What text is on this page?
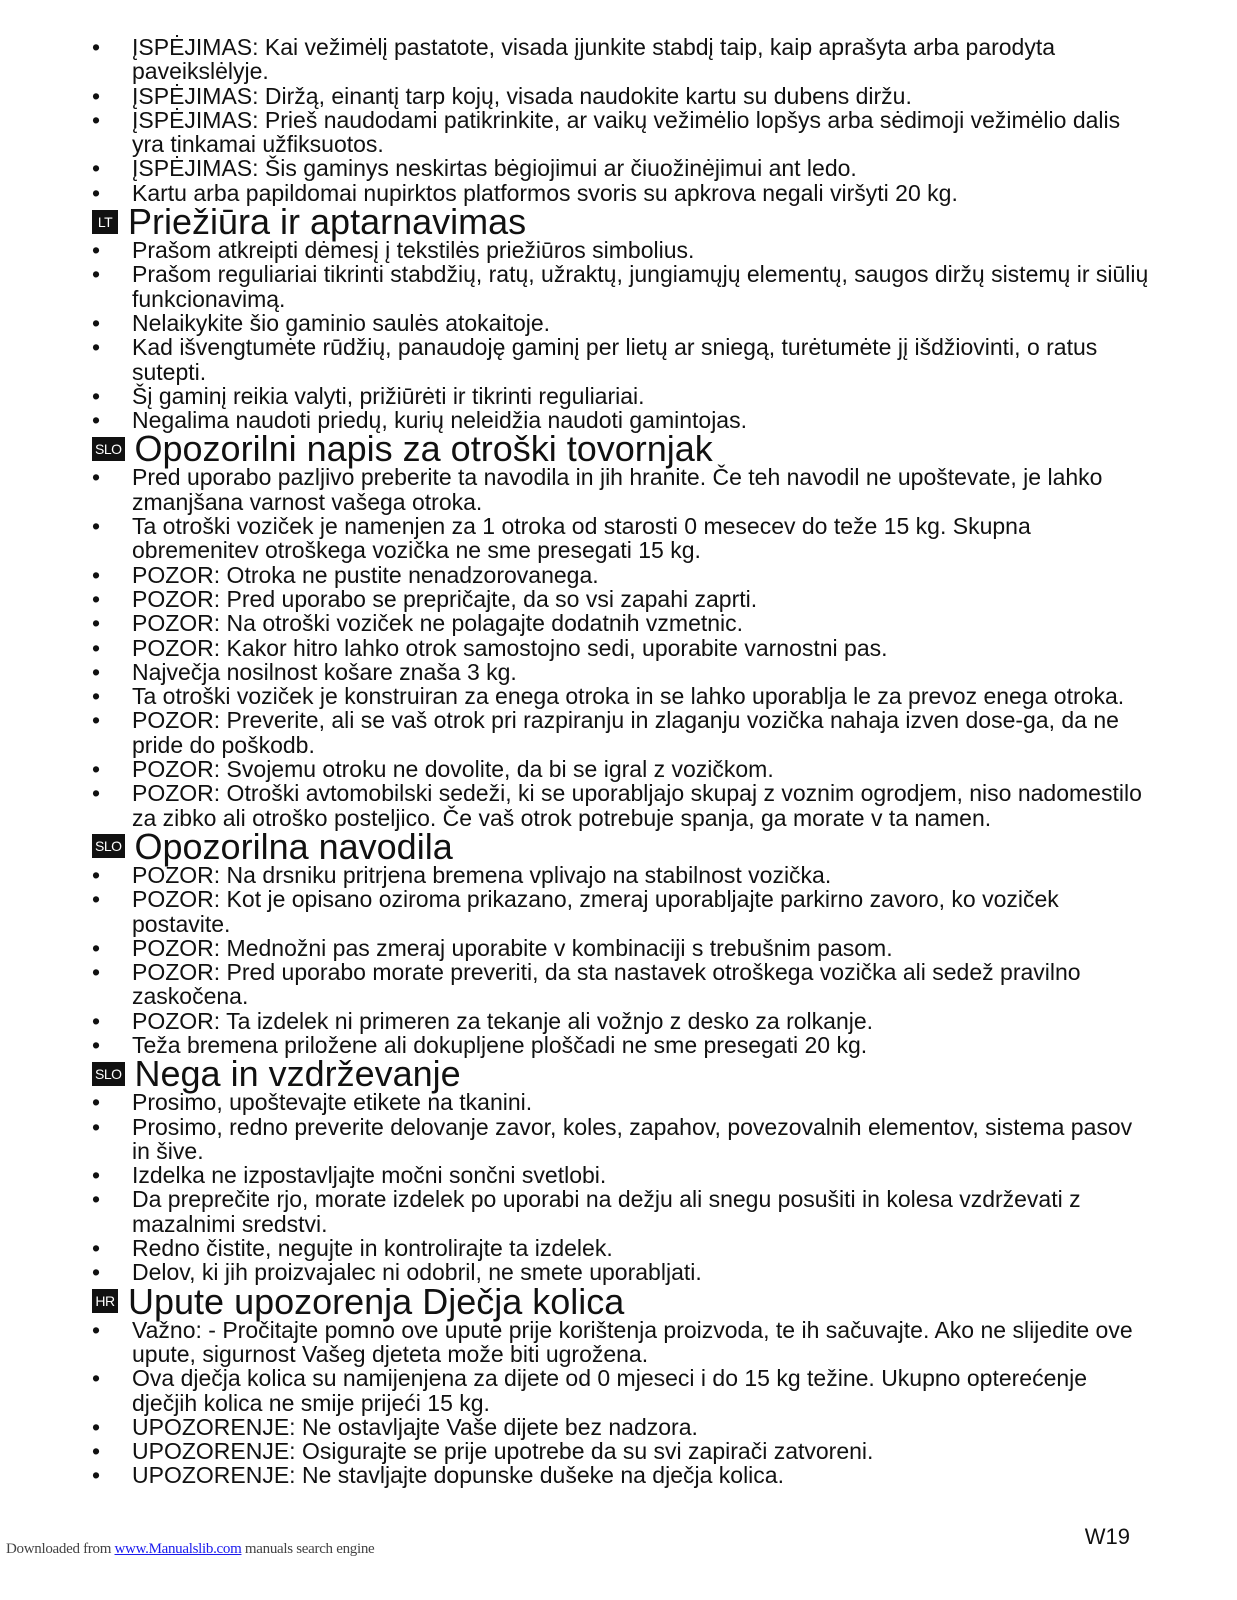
• ĮSPĖJIMAS: Kai vežimėlį pastatote, visada įjunkite stabdį taip, kaip aprašyta arba parodyta paveikslėlyje.
• ĮSPĖJIMAS: Diržą, einantį tarp kojų, visada naudokite kartu su dubens diržu.
• ĮSPĖJIMAS: Prieš naudodami patikrinkite, ar vaikų vežimėlio lopšys arba sėdimoji vežimėlio dalis yra tinkamai užfiksuotos.
• ĮSPĖJIMAS: Šis gaminys neskirtas bėgiojimui ar čiuožinėjimui ant ledo.
• Kartu arba papildomai nupirktos platformos svoris su apkrova negali viršyti 20 kg.
LT Priežiūra ir aptarnavimas
• Prašom atkreipti dėmesį į tekstilės priežiūros simbolius.
• Prašom reguliariai tikrinti stabdžių, ratų, užraktų, jungiamųjų elementų, saugos diržų sistemų ir siūlių funkcionavimą.
• Nelaikykite šio gaminio saulės atokaitoje.
• Kad išvengtumėte rūdžių, panaudoję gaminį per lietų ar sniegą, turėtumėte jį išdžiovinti, o ratus sutepti.
• Šį gaminį reikia valyti, prižiūrėti ir tikrinti reguliariai.
• Negalima naudoti priedų, kurių neleidžia naudoti gamintojas.
SLO Opozorilni napis za otroški tovornjak
• Pred uporabo pazljivo preberite ta navodila in jih hranite. Če teh navodil ne upoštevate, je lahko zmanjšana varnost vašega otroka.
• Ta otroški voziček je namenjen za 1 otroka od starosti 0 mesecev do teže 15 kg. Skupna obremenitev otroškega vozička ne sme presegati 15 kg.
• POZOR: Otroka ne pustite nenadzorovanega.
• POZOR: Pred uporabo se prepričajte, da so vsi zapahi zaprti.
• POZOR: Na otroški voziček ne polagajte dodatnih vzmetnic.
• POZOR: Kakor hitro lahko otrok samostojno sedi, uporabite varnostni pas.
• Največja nosilnost košare znaša 3 kg.
• Ta otroški voziček je konstruiran za enega otroka in se lahko uporablja le za prevoz enega otroka.
• POZOR: Preverite, ali se vaš otrok pri razpiranju in zlaganju vozička nahaja izven dose-ga, da ne pride do poškodb.
• POZOR: Svojemu otroku ne dovolite, da bi se igral z vozičkom.
• POZOR: Otroški avtomobilski sedeži, ki se uporabljajo skupaj z voznim ogrodjem, niso nadomestilo za zibko ali otroško posteljico. Če vaš otrok potrebuje spanja, ga morate v ta namen.
SLO Opozorilna navodila
• POZOR: Na drsniku pritrjena bremena vplivajo na stabilnost vozička.
• POZOR: Kot je opisano oziroma prikazano, zmeraj uporabljajte parkirno zavoro, ko voziček postavite.
• POZOR: Mednožni pas zmeraj uporabite v kombinaciji s trebušnim pasom.
• POZOR: Pred uporabo morate preveriti, da sta nastavek otroškega vozička ali sedež pravilno zaskočena.
• POZOR: Ta izdelek ni primeren za tekanje ali vožnjo z desko za rolkanje.
• Teža bremena priložene ali dokupljene ploščadi ne sme presegati 20 kg.
SLO Nega in vzdrževanje
• Prosimo, upoštevajte etikete na tkanini.
• Prosimo, redno preverite delovanje zavor, koles, zapahov, povezovalnih elementov, sistema pasov in šive.
• Izdelka ne izpostavljajte močni sončni svetlobi.
• Da preprečite rjo, morate izdelek po uporabi na dežju ali snegu posušiti in kolesa vzdrževati z mazalnimi sredstvi.
• Redno čistite, negujte in kontrolirajte ta izdelek.
• Delov, ki jih proizvajalec ni odobril, ne smete uporabljati.
HR Upute upozorenja Dječja kolica
• Važno: - Pročitajte pomno ove upute prije korištenja proizvoda, te ih sačuvajte. Ako ne slijedite ove upute, sigurnost Vašeg djeteta može biti ugrožena.
• Ova dječja kolica su namijenjena za dijete od 0 mjeseci i do 15 kg težine. Ukupno opterećenje dječjih kolica ne smije prijeći 15 kg.
• UPOZORENJE: Ne ostavljajte Vaše dijete bez nadzora.
• UPOZORENJE: Osigurajte se prije upotrebe da su svi zapirači zatvoreni.
• UPOZORENJE: Ne stavljajte dopunske dušeke na dječja kolica.
W19
Downloaded from www.Manualslib.com manuals search engine
